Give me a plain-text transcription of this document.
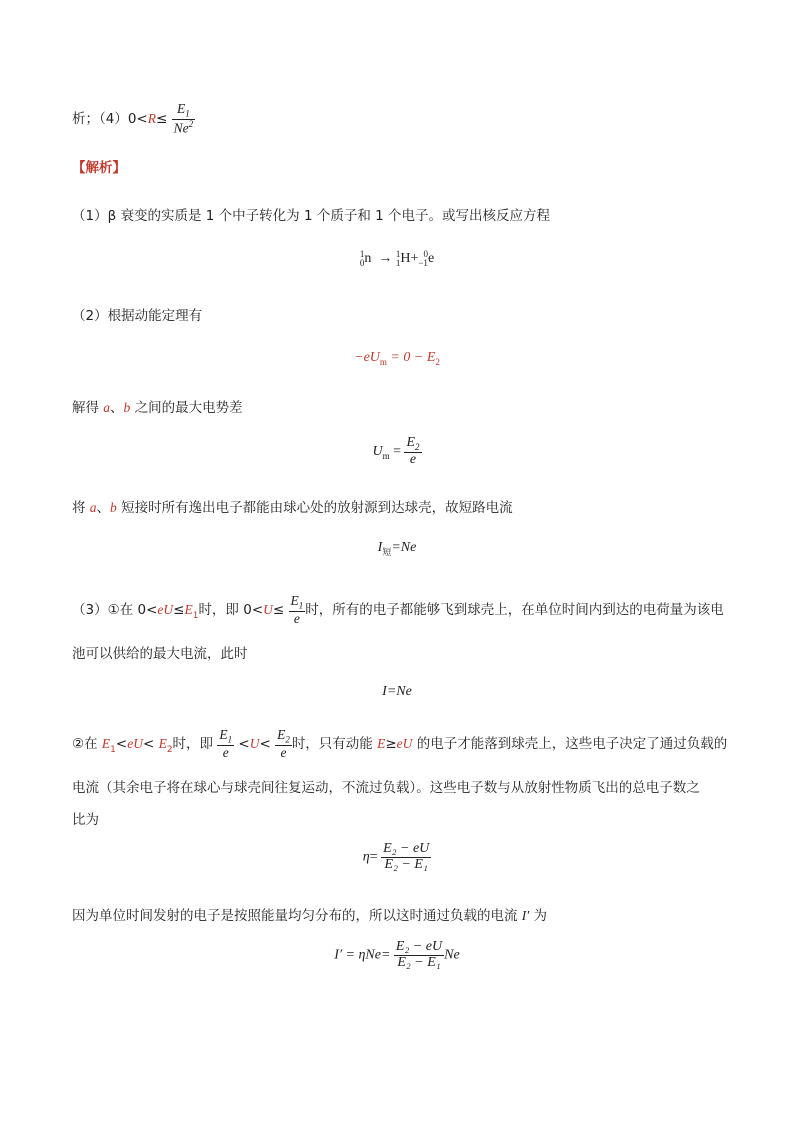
析；$(4)0<R\le \frac{E_1}{Ne^2}$
【解析】
（1）β 衰变的实质是 1 个中子转化为 1 个质子和 1 个电子。或写出核反应方程
1
0 n → 1
1 H+ 0
−1 e
（2）根据动能定理有
$-eU_m = 0 - E_2$
解得 a、b 之间的最大电势差
$U_m = \frac{E_2}{e}$
将 a、b 短接时所有逸出电子都能由球心处的放射源到达球壳，故短路电流
$I_短=Ne$
（3）①在 $0<eU\le E_1$时，即 $0<U\le \frac{E_1}{e}$ 时，所有的电子都能够飞到球壳上，在单位时间内到达的电荷量为该电
池可以供给的最大电流，此时
I=Ne
②在 $E_1<eU< E_2$时，即 $\frac{E_1}{e} <U< \frac{E_2}{e}$ 时，只有动能 E≥eU 的电子才能落到球壳上，这些电子决定了通过负载的
电流（其余电子将在球心与球壳间往复运动，不流过负载）。这些电子数与从放射性物质飞出的总电子数之
比为
$\eta= \frac{\text{E₂ − eU}}{\text{E₂ − E₁}}$
因为单位时间发射的电子是按照能量均匀分布的，所以这时通过负载的电流 I′ 为
$I' = \eta Ne= \frac{\text{E₂ − eU}}{\text{E₂ − E₁}}$ Ne
